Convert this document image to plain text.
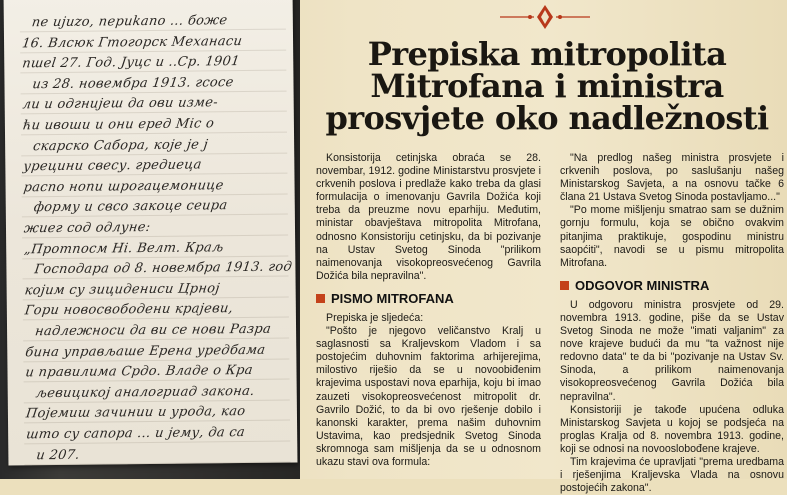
ne ujuzo, nepukano ... боже
16. Влсюк Гтогорск Механаси
пшеl 27. Год. Јуцс и ..Ср. 1901
из 28. новембра 1913. гсосе
ли и одгнијеш да ови изме-
ћи ивоши и они еред Міс о
скарско Сабора, које је ј
урецини свесу. гредиеца
распо нопи шрогацемонице
форму и свсо закоце сеира
жиег сод одлуне:
„Протпосм Ні. Велт. Краљ
Господара од 8. новембра 1913. год
којим су зицидениси Црној
Гори новосвободени крајеви,
надлежноси да ви се нови Разра
бина управљаше Ерена уредбама
и правилима Срдо. Владе о Кра
љевицикој аналогриад закона.
Појемиш зачинии и урода, као
што су сапора ... и јему, да са
и 207.
Prepiska mitropolita
Mitrofana i ministra
prosvjete oko nadležnosti

Konsistorija cetinjska obraća se 28. novembar, 1912. godine Ministarstvu prosvjete i crkvenih poslova i predlaže kako treba da glasi formulacija o imenovanju Gavrila Dožića koji treba da preuzme novu eparhiju. Međutim, ministar obavještava mitropolita Mitrofana, odnosno Konsistoriju cetinjsku, da bi pozivanje na Ustav Svetog Sinoda "prilikom naimenovanja visokopreosvećenog Gavrila Dožića bila nepravilna".

PISMO MITROFANA

Prepiska je sljedeća:

"Pošto je njegovo veličanstvo Kralj u saglasnosti sa Kraljevskom Vladom i sa postojećim duhovnim faktorima arhijerejima, milostivo riješio da se u novoobiđenim krajevima uspostavi nova eparhija, koju bi imao zauzeti visokopreosvećenost mitropolit dr. Gavrilo Dožić, to da bi ovo rješenje dobilo i kanonski karakter, prema našim duhovnim Ustavima, kao predsjednik Svetog Sinoda skromnoga sam mišljenja da se u odnosnom ukazu stavi ova formula:

"Na predlog našeg ministra prosvjete i crkvenih poslova, po saslušanju našeg Ministarskog Savjeta, a na osnovu tačke 6 člana 21 Ustava Svetog Sinoda postavljamo..."

"Po mome mišljenju smatrao sam se dužnim gornju formulu, koja se obično ovakvim pitanjima praktikuje, gospodinu ministru saopćiti", navodi se u pismu mitropolita Mitrofana.

ODGOVOR MINISTRA

U odgovoru ministra prosvjete od 29. novembra 1913. godine, piše da se Ustav Svetog Sinoda ne može "imati valjanim" za nove krajeve budući da mu "ta važnost nije redovno data" te da bi "pozivanje na Ustav Sv. Sinoda, a prilikom naimenovanja visokopreosvećenog Gavrila Dožića bila nepravilna".

Konsistoriji je takođe upućena odluka Ministarskog Savjeta u kojoj se podsjeća na proglas Kralja od 8. novembra 1913. godine, koji se odnosi na novooslobođene krajeve.

Tim krajevima će upravljati "prema uredbama i rješenjima Kraljevska Vlada na osnovu postojećih zakona".
